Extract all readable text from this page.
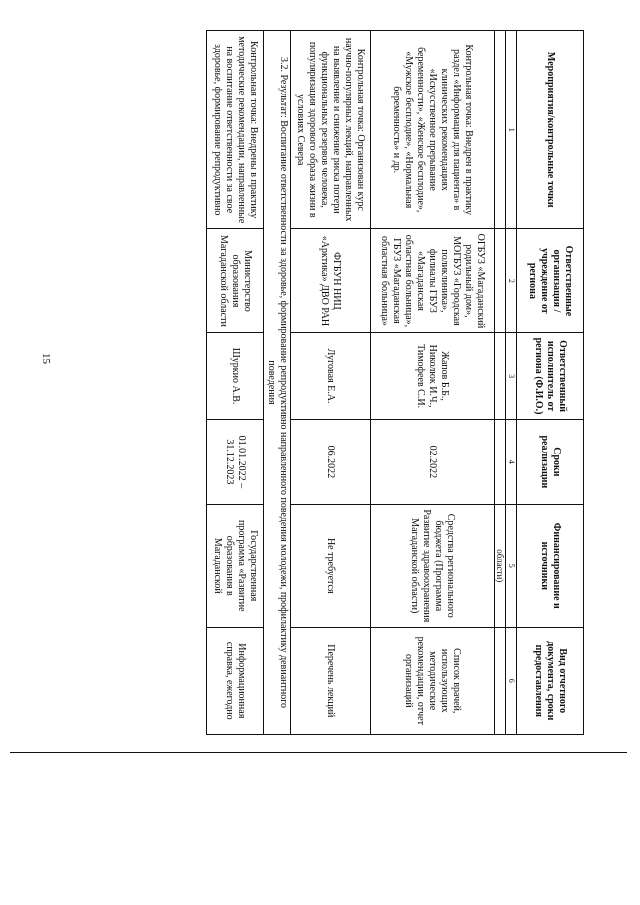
15
Мероприятия/контрольные точки	Ответственные организация / учреждение от региона	Ответственный исполнитель от региона (Ф.И.О.)	Сроки реализации	Финансирование и источники	Вид отчетного документа, сроки предоставления
1	2	3	4	5	6
				области)	
Контрольная точка: Внедрен в практику раздел «Информация для пациента» в клинических рекомендациях «Искусственное прерывание беременности», «Женское бесплодие», «Мужское бесплодие», «Нормальная беременность» и др.	ОГБУЗ «Магаданский родильный дом», МОГБУЗ «Городская поликлиника», филиалы ГБУЗ «Магаданская областная больница», ГБУЗ «Магаданская областная больница»	Жапов Б.Б., Николюк И.Ч., Тимофеев С.И.	02.2022	Средства регионального бюджета (Программа Развитие здравоохранения Магаданской области)	Список врачей, использующих методические рекомендации, отчет организаций
Контрольная точка: Организован курс научно-популярных лекций, направленных на выявление и снижение риска потери функциональных резервов человека, популяризация здорового образа жизни в условиях Севера	ФГБУН НИЦ «Арктика» ДВО РАН	Луговая Е.А.	06.2022	Не требуется	Перечень лекций
3.2. Результат: Воспитание ответственности за здоровье, формирование репродуктивно направленного поведения молодежи, профилактику девиантного поведения					
Контрольная точка: Внедрены в практику методические рекомендации, направленные на воспитание ответственности за свое здоровье, формирование репродуктивно	Министерство образования Магаданской области	Шуркио А.В.	01.01.2022 – 31.12.2023	Государственная программа «Развитие образования в Магаданской	Информационная справка, ежегодно
